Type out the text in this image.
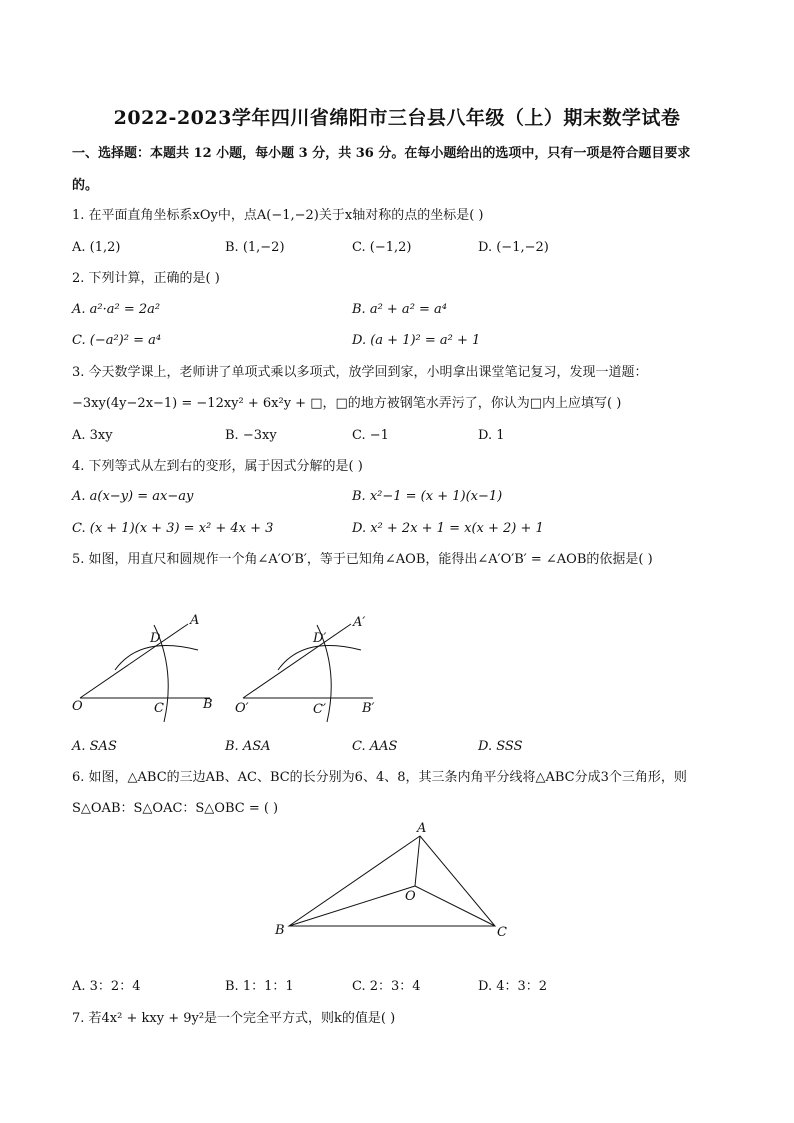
2022-2023学年四川省绵阳市三台县八年级（上）期末数学试卷
一、选择题：本题共 12 小题，每小题 3 分，共 36 分。在每小题给出的选项中，只有一项是符合题目要求
的。
1. 在平面直角坐标系xOy中，点A(−1,−2)关于x轴对称的点的坐标是( )
A. (1,2)	B. (1,−2)	C. (−1,2)	D. (−1,−2)
2. 下列计算，正确的是( )
A. a²·a² = 2a²	B. a² + a² = a⁴
C. (−a²)² = a⁴	D. (a + 1)² = a² + 1
3. 今天数学课上，老师讲了单项式乘以多项式，放学回到家，小明拿出课堂笔记复习，发现一道题：
−3xy(4y−2x−1) = −12xy² + 6x²y + □，□的地方被钢笔水弄污了，你认为□内上应填写( )
A. 3xy	B. −3xy	C. −1	D. 1
4. 下列等式从左到右的变形，属于因式分解的是( )
A. a(x−y) = ax−ay	B. x²−1 = (x + 1)(x−1)
C. (x + 1)(x + 3) = x² + 4x + 3	D. x² + 2x + 1 = x(x + 2) + 1
5. 如图，用直尺和圆规作一个角∠A′O′B′，等于已知角∠AOB，能得出∠A′O′B′ = ∠AOB的依据是( )
O
A
B
C
D
O′
A′
B′
C′
D′
A. SAS	B. ASA	C. AAS	D. SSS
6. 如图，△ABC的三边AB、AC、BC的长分别为6、4、8，其三条内角平分线将△ABC分成3个三角形，则
S△OAB：S△OAC：S△OBC = ( )
A
B	C
O
A. 3：2：4	B. 1：1：1	C. 2：3：4	D. 4：3：2
7. 若4x² + kxy + 9y²是一个完全平方式，则k的值是( )
